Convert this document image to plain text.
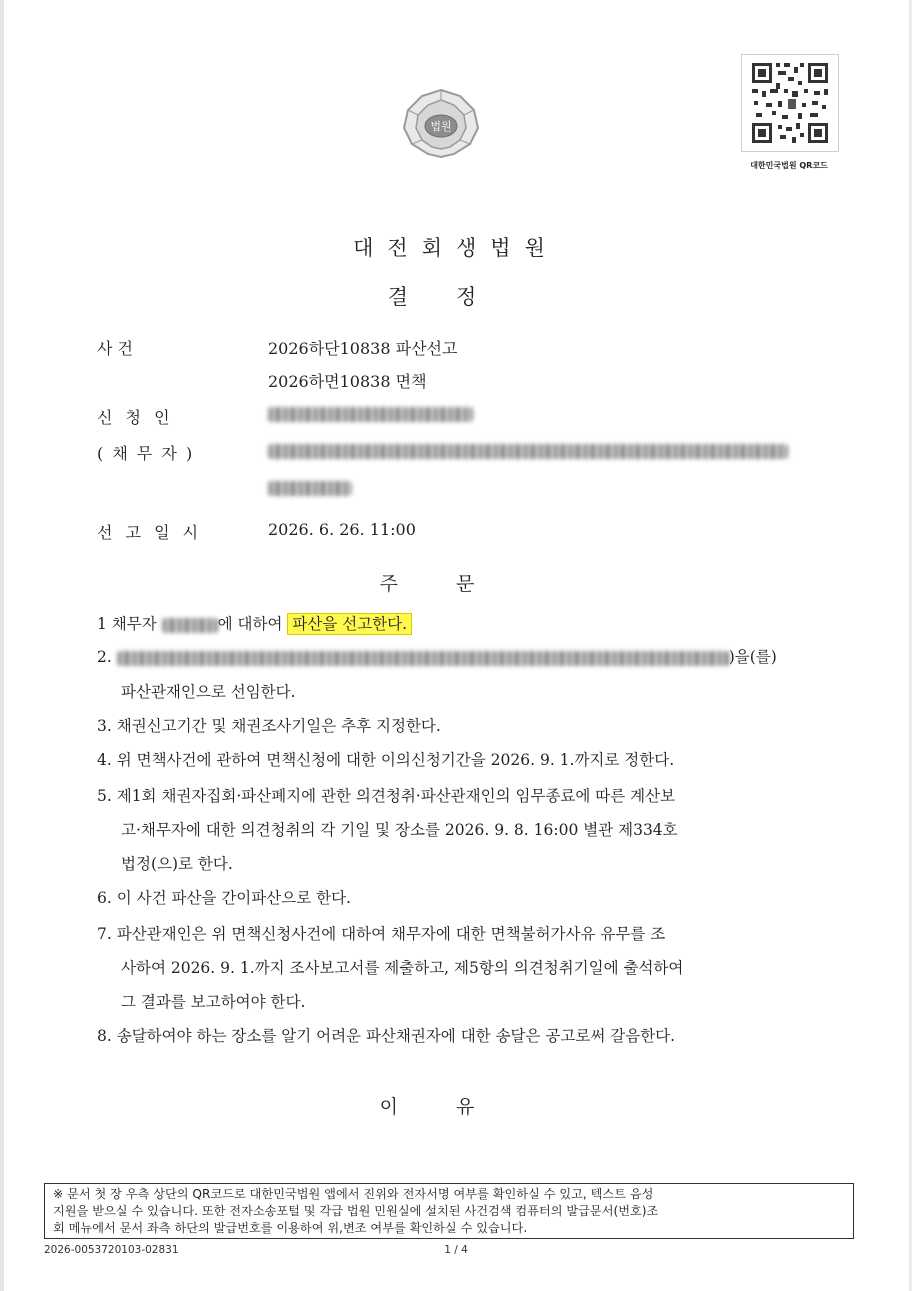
법원
대한민국법원 QR코드
대전회생법원
결정
사 건	2026하단10838 파산선고
2026하면10838 면책
신 청 인
( 채 무 자 )
선 고 일 시	2026. 6. 26. 11:00
주문
1 채무자	에 대하여 파산을 선고한다.
2.	)을(를)
파산관재인으로 선임한다.
3. 채권신고기간 및 채권조사기일은 추후 지정한다.
4. 위 면책사건에 관하여 면책신청에 대한 이의신청기간을 2026. 9. 1.까지로 정한다.
5. 제1회 채권자집회·파산폐지에 관한 의견청취·파산관재인의 임무종료에 따른 계산보
고·채무자에 대한 의견청취의 각 기일 및 장소를 2026. 9. 8. 16:00 별관 제334호
법정(으)로 한다.
6. 이 사건 파산을 간이파산으로 한다.
7. 파산관재인은 위 면책신청사건에 대하여 채무자에 대한 면책불허가사유 유무를 조
사하여 2026. 9. 1.까지 조사보고서를 제출하고, 제5항의 의견청취기일에 출석하여
그 결과를 보고하여야 한다.
8. 송달하여야 하는 장소를 알기 어려운 파산채권자에 대한 송달은 공고로써 갈음한다.
이유
※ 문서 첫 장 우측 상단의 QR코드로 대한민국법원 앱에서 진위와 전자서명 여부를 확인하실 수 있고, 텍스트 음성
지원을 받으실 수 있습니다. 또한 전자소송포털 및 각급 법원 민원실에 설치된 사건검색 컴퓨터의 발급문서(번호)조
회 메뉴에서 문서 좌측 하단의 발급번호를 이용하여 위,변조 여부를 확인하실 수 있습니다.
2026-0053720103-02831	1 / 4
